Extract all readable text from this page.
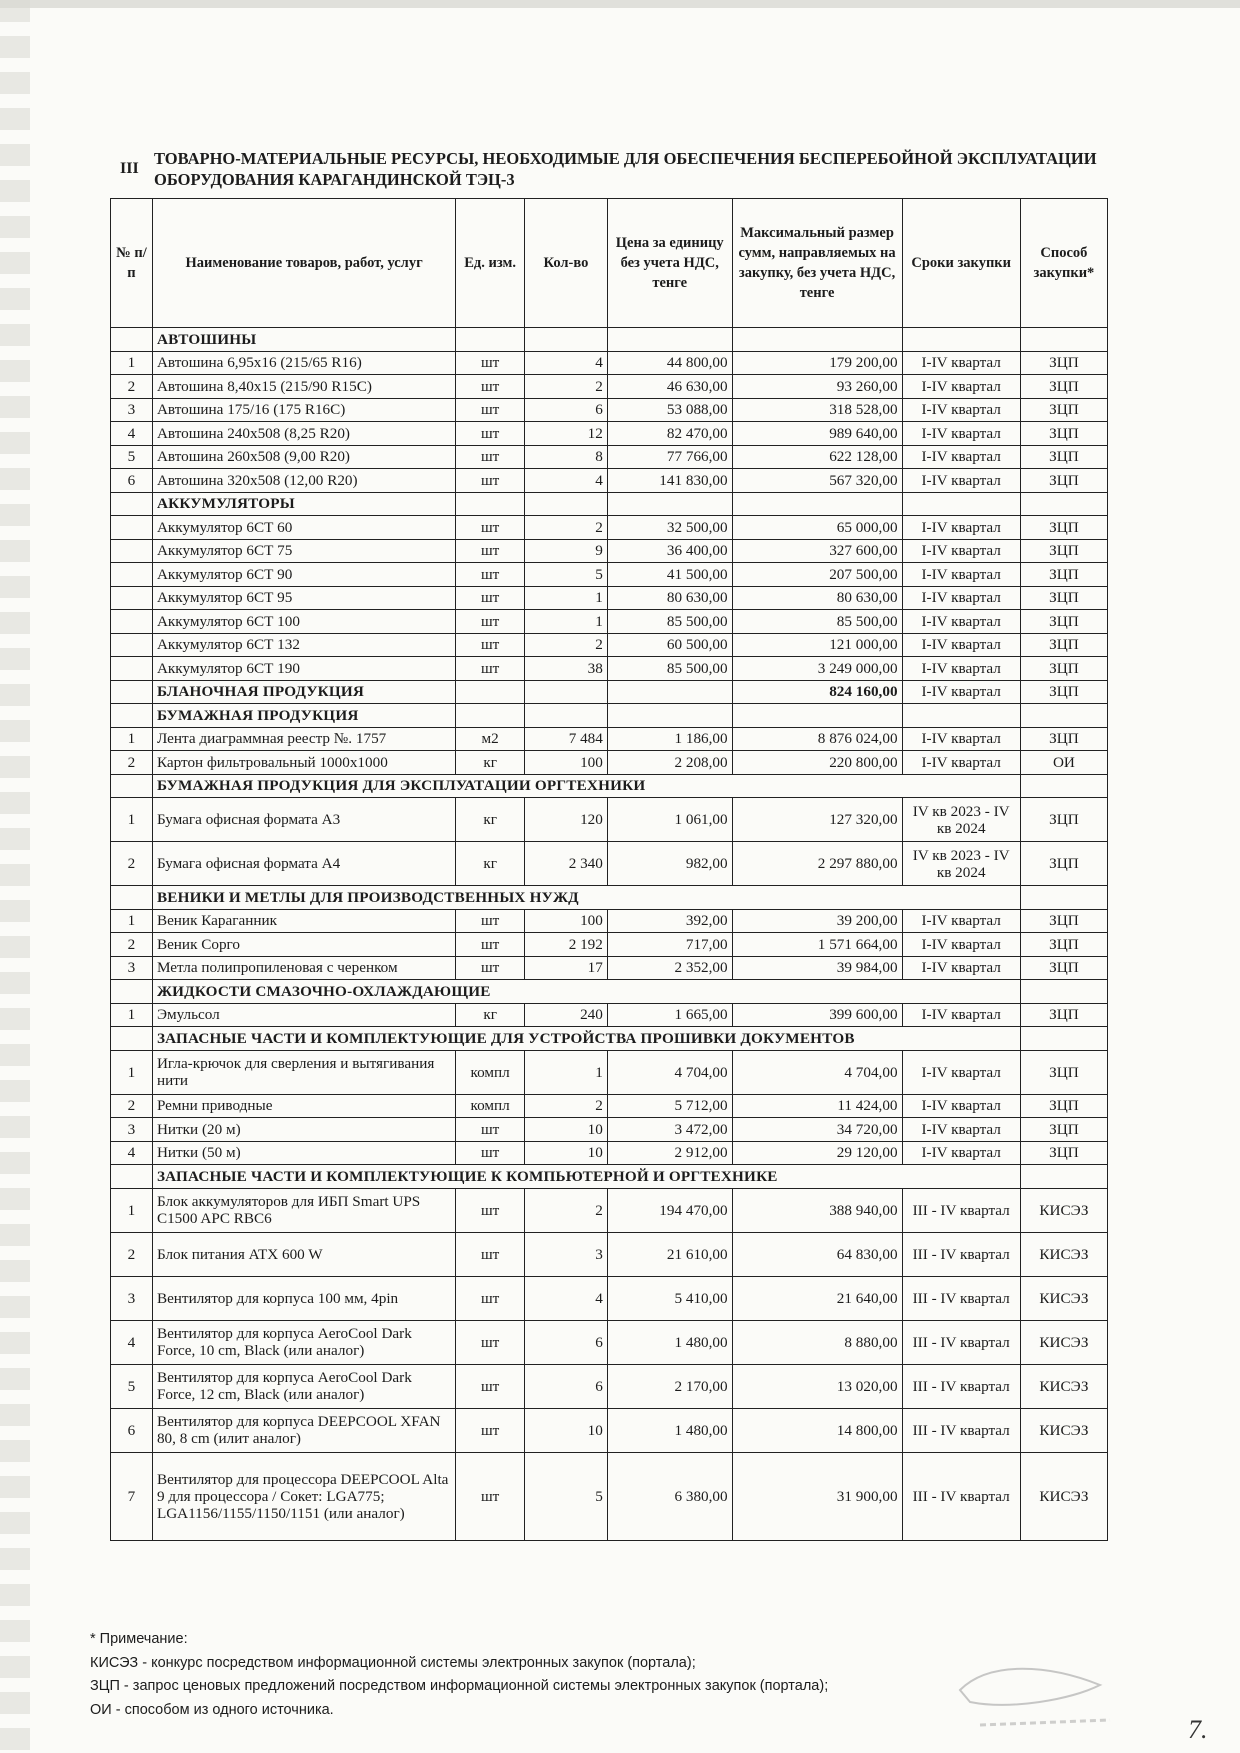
III
ТОВАРНО-МАТЕРИАЛЬНЫЕ РЕСУРСЫ, НЕОБХОДИМЫЕ ДЛЯ ОБЕСПЕЧЕНИЯ БЕСПЕРЕБОЙНОЙ ЭКСПЛУАТАЦИИ ОБОРУДОВАНИЯ КАРАГАНДИНСКОЙ ТЭЦ-3
№ п/п	Наименование товаров, работ, услуг	Ед. изм.	Кол-во	Цена за единицу без учета НДС, тенге	Максимальный размер сумм, направляемых на закупку, без учета НДС, тенге	Сроки закупки	Способ закупки*
	АВТОШИНЫ						
1	Автошина 6,95х16 (215/65 R16)	шт	4	44 800,00	179 200,00	I-IV квартал	ЗЦП
2	Автошина 8,40х15 (215/90 R15C)	шт	2	46 630,00	93 260,00	I-IV квартал	ЗЦП
3	Автошина 175/16 (175 R16C)	шт	6	53 088,00	318 528,00	I-IV квартал	ЗЦП
4	Автошина 240х508 (8,25 R20)	шт	12	82 470,00	989 640,00	I-IV квартал	ЗЦП
5	Автошина 260х508 (9,00 R20)	шт	8	77 766,00	622 128,00	I-IV квартал	ЗЦП
6	Автошина 320х508 (12,00 R20)	шт	4	141 830,00	567 320,00	I-IV квартал	ЗЦП
	АККУМУЛЯТОРЫ						
	Аккумулятор 6СТ 60	шт	2	32 500,00	65 000,00	I-IV квартал	ЗЦП
	Аккумулятор 6СТ 75	шт	9	36 400,00	327 600,00	I-IV квартал	ЗЦП
	Аккумулятор 6СТ 90	шт	5	41 500,00	207 500,00	I-IV квартал	ЗЦП
	Аккумулятор 6СТ 95	шт	1	80 630,00	80 630,00	I-IV квартал	ЗЦП
	Аккумулятор 6СТ 100	шт	1	85 500,00	85 500,00	I-IV квартал	ЗЦП
	Аккумулятор 6СТ 132	шт	2	60 500,00	121 000,00	I-IV квартал	ЗЦП
	Аккумулятор 6СТ 190	шт	38	85 500,00	3 249 000,00	I-IV квартал	ЗЦП
	БЛАНОЧНАЯ ПРОДУКЦИЯ				824 160,00	I-IV квартал	ЗЦП
	БУМАЖНАЯ ПРОДУКЦИЯ						
1	Лента диаграммная реестр №. 1757	м2	7 484	1 186,00	8 876 024,00	I-IV квартал	ЗЦП
2	Картон фильтровальный 1000х1000	кг	100	2 208,00	220 800,00	I-IV квартал	ОИ
	БУМАЖНАЯ ПРОДУКЦИЯ ДЛЯ ЭКСПЛУАТАЦИИ ОРГТЕХНИКИ						
1	Бумага офисная формата А3	кг	120	1 061,00	127 320,00	IV кв 2023 - IV кв 2024	ЗЦП
2	Бумага офисная формата А4	кг	2 340	982,00	2 297 880,00	IV кв 2023 - IV кв 2024	ЗЦП
	ВЕНИКИ И МЕТЛЫ ДЛЯ ПРОИЗВОДСТВЕННЫХ НУЖД						
1	Веник Караганник	шт	100	392,00	39 200,00	I-IV квартал	ЗЦП
2	Веник Сорго	шт	2 192	717,00	1 571 664,00	I-IV квартал	ЗЦП
3	Метла полипропиленовая с черенком	шт	17	2 352,00	39 984,00	I-IV квартал	ЗЦП
	ЖИДКОСТИ СМАЗОЧНО-ОХЛАЖДАЮЩИЕ						
1	Эмульсол	кг	240	1 665,00	399 600,00	I-IV квартал	ЗЦП
	ЗАПАСНЫЕ ЧАСТИ И КОМПЛЕКТУЮЩИЕ ДЛЯ УСТРОЙСТВА ПРОШИВКИ ДОКУМЕНТОВ						
1	Игла-крючок для сверления и вытягивания нити	компл	1	4 704,00	4 704,00	I-IV квартал	ЗЦП
2	Ремни приводные	компл	2	5 712,00	11 424,00	I-IV квартал	ЗЦП
3	Нитки (20 м)	шт	10	3 472,00	34 720,00	I-IV квартал	ЗЦП
4	Нитки (50 м)	шт	10	2 912,00	29 120,00	I-IV квартал	ЗЦП
	ЗАПАСНЫЕ ЧАСТИ И КОМПЛЕКТУЮЩИЕ К КОМПЬЮТЕРНОЙ И ОРГТЕХНИКЕ						
1	Блок аккумуляторов для ИБП Smart UPS C1500 APC RBC6	шт	2	194 470,00	388 940,00	III - IV квартал	КИСЭЗ
2	Блок питания ATX 600 W	шт	3	21 610,00	64 830,00	III - IV квартал	КИСЭЗ
3	Вентилятор для корпуса 100 мм, 4pin	шт	4	5 410,00	21 640,00	III - IV квартал	КИСЭЗ
4	Вентилятор для корпуса AeroCool Dark Force, 10 cm, Black (или аналог)	шт	6	1 480,00	8 880,00	III - IV квартал	КИСЭЗ
5	Вентилятор для корпуса AeroCool Dark Force, 12 cm, Black (или аналог)	шт	6	2 170,00	13 020,00	III - IV квартал	КИСЭЗ
6	Вентилятор для корпуса DEEPCOOL XFAN 80, 8 cm (илит аналог)	шт	10	1 480,00	14 800,00	III - IV квартал	КИСЭЗ
7	Вентилятор для процессора DEEPCOOL Alta 9 для процессора / Сокет: LGA775; LGA1156/1155/1150/1151 (или аналог)	шт	5	6 380,00	31 900,00	III - IV квартал	КИСЭЗ
* Примечание:
КИСЭЗ - конкурс посредством информационной системы электронных закупок (портала);
ЗЦП - запрос ценовых предложений посредством информационной системы электронных закупок (портала);
ОИ - способом из одного источника.
7.
